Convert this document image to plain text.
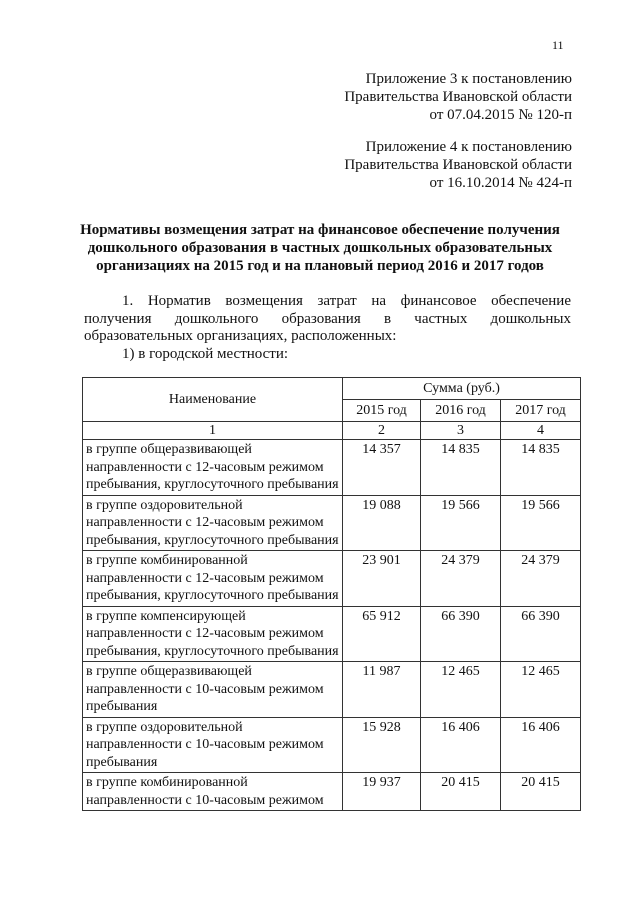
11
Приложение 3 к постановлению
Правительства Ивановской области
от 07.04.2015 № 120-п
Приложение 4 к постановлению
Правительства Ивановской области
от 16.10.2014 № 424-п
Нормативы возмещения затрат на финансовое обеспечение получения
дошкольного образования в частных дошкольных образовательных
организациях на 2015 год и на плановый период 2016 и 2017 годов

1. Норматив возмещения затрат на финансовое обеспечение

получения дошкольного образования в частных дошкольных

образовательных организациях, расположенных:

1) в городской местности:

Наименование	Сумма (руб.)		
	2015 год	2016 год	2017 год
1	2	3	4
в группе общеразвивающей направленности с 12-часовым режимом пребывания, круглосуточного пребывания	14 357	14 835	14 835
в группе оздоровительной направленности с 12-часовым режимом пребывания, круглосуточного пребывания	19 088	19 566	19 566
в группе комбинированной направленности с 12-часовым режимом пребывания, круглосуточного пребывания	23 901	24 379	24 379
в группе компенсирующей направленности с 12-часовым режимом пребывания, круглосуточного пребывания	65 912	66 390	66 390
в группе общеразвивающей направленности с 10-часовым режимом пребывания	11 987	12 465	12 465
в группе оздоровительной направленности с 10-часовым режимом пребывания	15 928	16 406	16 406
в группе комбинированной направленности с 10-часовым режимом	19 937	20 415	20 415
